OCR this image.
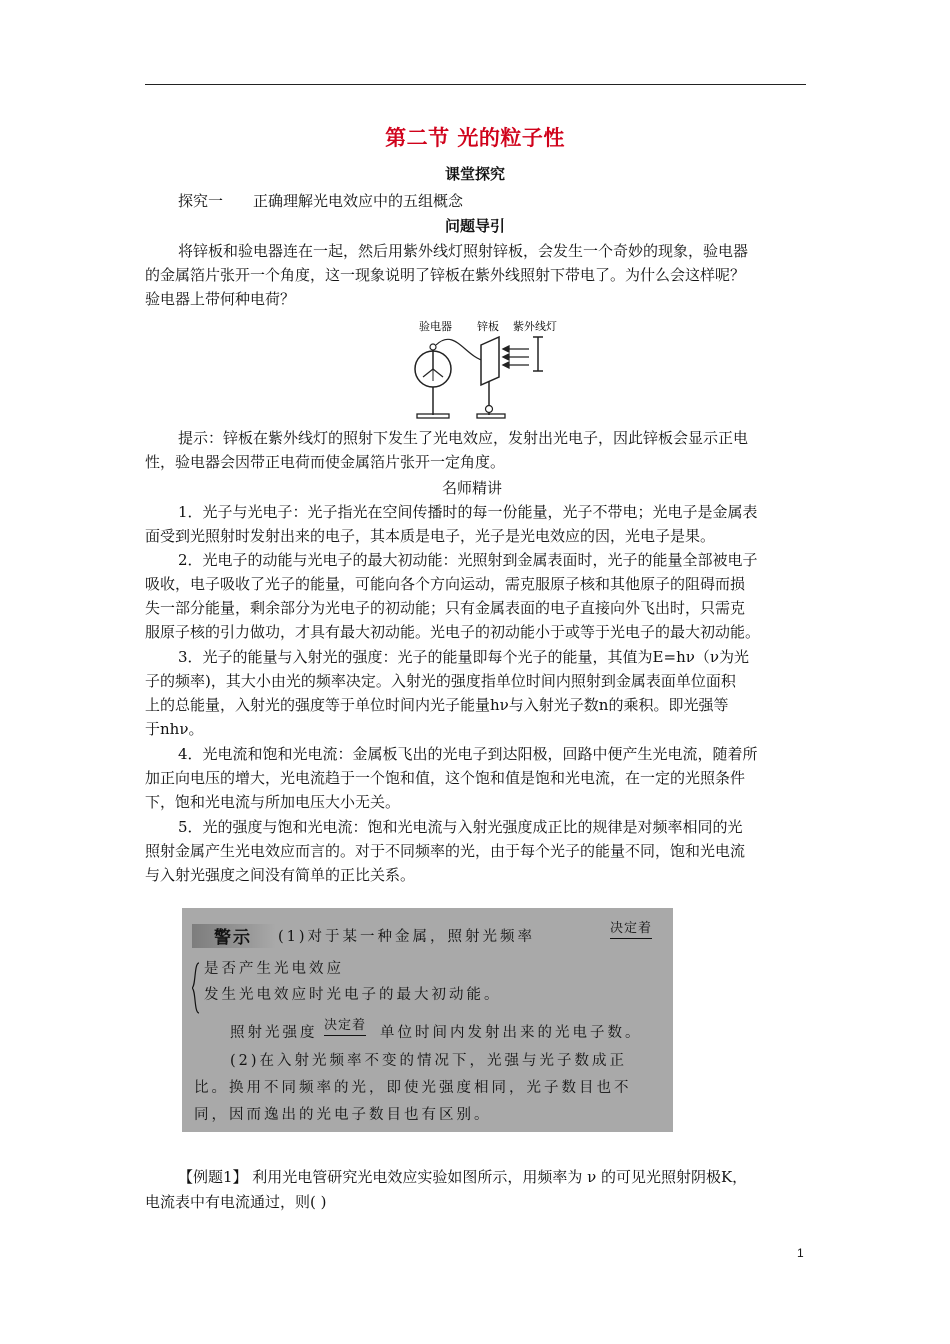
第二节 光的粒子性
课堂探究
探究一 正确理解光电效应中的五组概念
问题导引
将锌板和验电器连在一起，然后用紫外线灯照射锌板，会发生一个奇妙的现象，验电器
的金属箔片张开一个角度，这一现象说明了锌板在紫外线照射下带电了。为什么会这样呢？
验电器上带何种电荷？
验电器 锌板 紫外线灯
提示：锌板在紫外线灯的照射下发生了光电效应，发射出光电子，因此锌板会显示正电
性，验电器会因带正电荷而使金属箔片张开一定角度。
名师精讲
1．光子与光电子：光子指光在空间传播时的每一份能量，光子不带电；光电子是金属表
面受到光照射时发射出来的电子，其本质是电子，光子是光电效应的因，光电子是果。
2．光电子的动能与光电子的最大初动能：光照射到金属表面时，光子的能量全部被电子
吸收，电子吸收了光子的能量，可能向各个方向运动，需克服原子核和其他原子的阻碍而损
失一部分能量，剩余部分为光电子的初动能；只有金属表面的电子直接向外飞出时，只需克
服原子核的引力做功，才具有最大初动能。光电子的初动能小于或等于光电子的最大初动能。
3．光子的能量与入射光的强度：光子的能量即每个光子的能量，其值为E=hν（ν为光
子的频率)，其大小由光的频率决定。入射光的强度指单位时间内照射到金属表面单位面积
上的总能量，入射光的强度等于单位时间内光子能量hν与入射光子数n的乘积。即光强等
于nhν。
4．光电流和饱和光电流：金属板飞出的光电子到达阳极，回路中便产生光电流，随着所
加正向电压的增大，光电流趋于一个饱和值，这个饱和值是饱和光电流，在一定的光照条件
下，饱和光电流与所加电压大小无关。
5．光的强度与饱和光电流：饱和光电流与入射光强度成正比的规律是对频率相同的光
照射金属产生光电效应而言的。对于不同频率的光，由于每个光子的能量不同，饱和光电流
与入射光强度之间没有简单的正比关系。
警示 (1)对于某一种金属，照射光频率
决定着
是否产生光电效应
发生光电效应时光电子的最大初动能。
照射光强度 决定着 单位时间内发射出来的光电子数。
(2)在入射光频率不变的情况下，光强与光子数成正
比。换用不同频率的光，即使光强度相同，光子数目也不
同，因而逸出的光电子数目也有区别。
【例题1】 利用光电管研究光电效应实验如图所示，用频率为 ν 的可见光照射阴极K，
电流表中有电流通过，则( )
1
